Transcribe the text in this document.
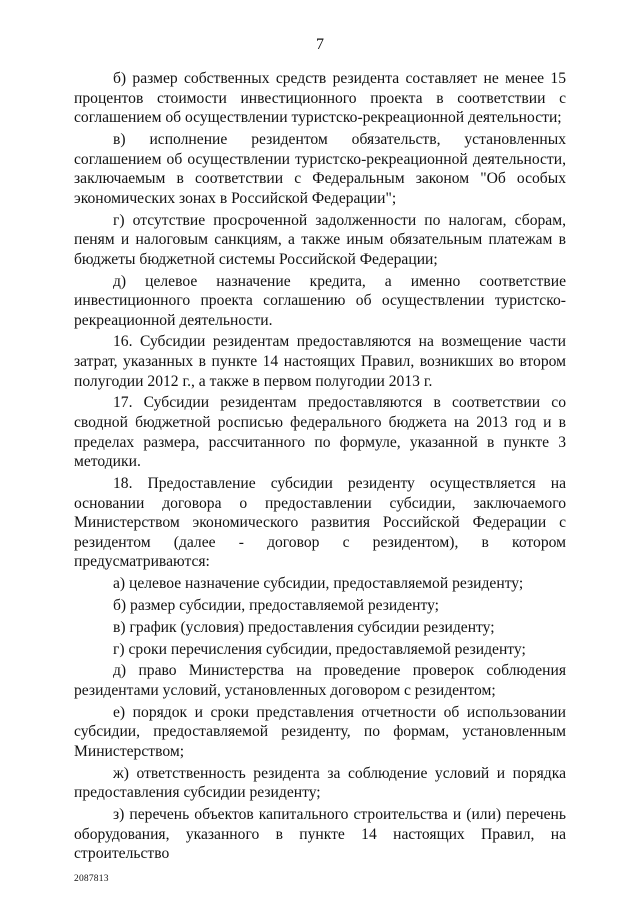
7

б) размер собственных средств резидента составляет не менее 15 процентов стоимости инвестиционного проекта в соответствии с соглашением об осуществлении туристско-рекреационной деятельности;

в) исполнение резидентом обязательств, установленных соглашением об осуществлении туристско-рекреационной деятельности, заключаемым в соответствии с Федеральным законом "Об особых экономических зонах в Российской Федерации";

г) отсутствие просроченной задолженности по налогам, сборам, пеням и налоговым санкциям, а также иным обязательным платежам в бюджеты бюджетной системы Российской Федерации;

д) целевое назначение кредита, а именно соответствие инвестиционного проекта соглашению об осуществлении туристско-рекреационной деятельности.

16. Субсидии резидентам предоставляются на возмещение части затрат, указанных в пункте 14 настоящих Правил, возникших во втором полугодии 2012 г., а также в первом полугодии 2013 г.

17. Субсидии резидентам предоставляются в соответствии со сводной бюджетной росписью федерального бюджета на 2013 год и в пределах размера, рассчитанного по формуле, указанной в пункте 3 методики.

18. Предоставление субсидии резиденту осуществляется на основании договора о предоставлении субсидии, заключаемого Министерством экономического развития Российской Федерации с резидентом (далее - договор с резидентом), в котором предусматриваются:

а) целевое назначение субсидии, предоставляемой резиденту;

б) размер субсидии, предоставляемой резиденту;

в) график (условия) предоставления субсидии резиденту;

г) сроки перечисления субсидии, предоставляемой резиденту;

д) право Министерства на проведение проверок соблюдения резидентами условий, установленных договором с резидентом;

е) порядок и сроки представления отчетности об использовании субсидии, предоставляемой резиденту, по формам, установленным Министерством;

ж) ответственность резидента за соблюдение условий и порядка предоставления субсидии резиденту;

з) перечень объектов капитального строительства и (или) перечень оборудования, указанного в пункте 14 настоящих Правил, на строительство

2087813
